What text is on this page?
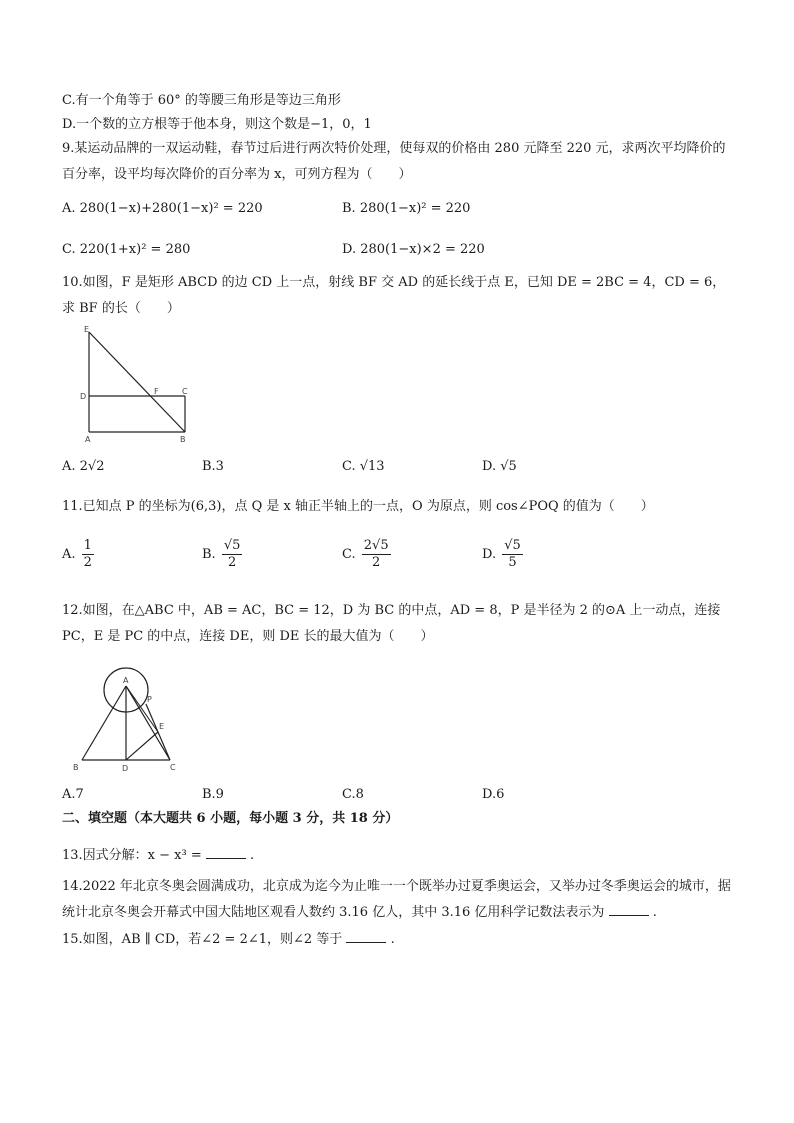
C.有一个角等于 60° 的等腰三角形是等边三角形
D.一个数的立方根等于他本身，则这个数是−1，0，1
9.某运动品牌的一双运动鞋，春节过后进行两次特价处理，使每双的价格由 280 元降至 220 元，求两次平均降价的百分率，设平均每次降价的百分率为 x，可列方程为（　　）
A. 280(1−x)+280(1−x)² = 220	B. 280(1−x)² = 220
C. 220(1+x)² = 280	D. 280(1−x)×2 = 220
10.如图，F 是矩形 ABCD 的边 CD 上一点，射线 BF 交 AD 的延长线于点 E，已知 DE = 2BC = 4，CD = 6，求 BF 的长（　　）
E
D
F	C
A	B
A. 2√2	B.3	C. √13	D. √5
11.已知点 P 的坐标为(6,3)，点 Q 是 x 轴正半轴上的一点，O 为原点，则 cos∠POQ 的值为（　　）
A. $\frac{1}{2}$	B. $\frac{√5}{2}$	C. $\frac{2√5}{2}$	D. $\frac{√5}{5}$
12.如图，在△ABC 中，AB = AC，BC = 12，D 为 BC 的中点，AD = 8，P 是半径为 2 的⊙A 上一动点，连接 PC，E 是 PC 的中点，连接 DE，则 DE 长的最大值为（　　）
A
P
E
B	D	C
A.7	B.9	C.8	D.6
二、填空题（本大题共 6 小题，每小题 3 分，共 18 分）
13.因式分解：x − x³ =	.
14.2022 年北京冬奥会圆满成功，北京成为迄今为止唯一一个既举办过夏季奥运会，又举办过冬季奥运会的城市，据统计北京冬奥会开幕式中国大陆地区观看人数约 3.16 亿人，其中 3.16 亿用科学记数法表示为	.
15.如图，AB ∥ CD，若∠2 = 2∠1，则∠2 等于	.
